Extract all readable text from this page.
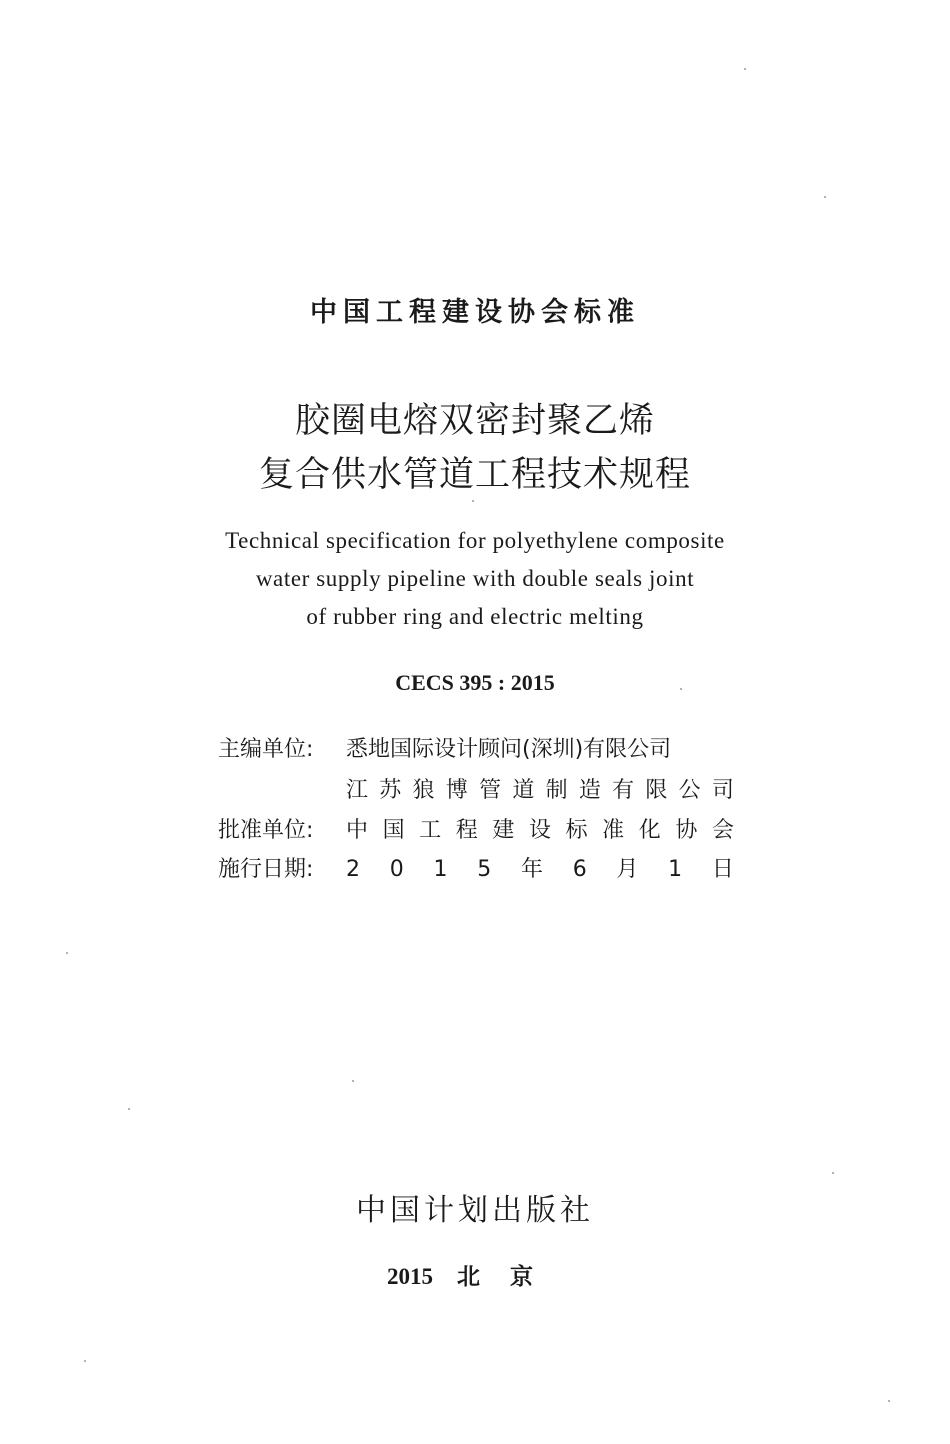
中国工程建设协会标准
胶圈电熔双密封聚乙烯
复合供水管道工程技术规程
Technical specification for polyethylene composite
water supply pipeline with double seals joint
of rubber ring and electric melting
CECS 395 : 2015
主编单位:	悉地国际设计顾问(深圳)有限公司
江 苏 狼 博 管 道 制 造 有 限 公 司
批准单位:	中 国 工 程 建 设 标 准 化 协 会
施行日期:	2 0 1 5 年 6 月 1 日
中国计划出版社
2015 北京
